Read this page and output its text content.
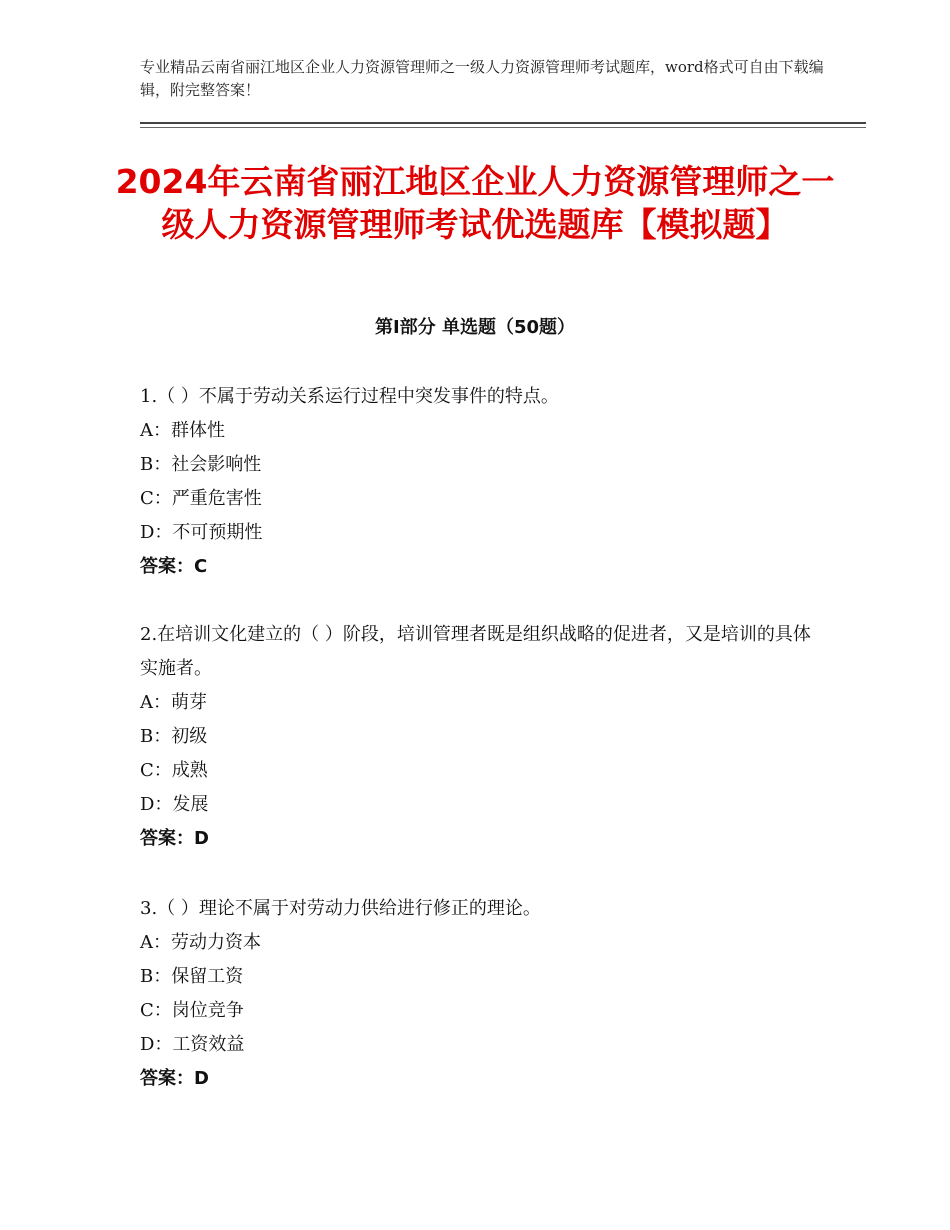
专业精品云南省丽江地区企业人力资源管理师之一级人力资源管理师考试题库，word格式可自由下载编辑，附完整答案！
2024年云南省丽江地区企业人力资源管理师之一级人力资源管理师考试优选题库【模拟题】
第Ⅰ部分 单选题（50题）

1.（ ）不属于劳动关系运行过程中突发事件的特点。

A：群体性

B：社会影响性

C：严重危害性

D：不可预期性

答案：C

2.在培训文化建立的（ ）阶段，培训管理者既是组织战略的促进者，又是培训的具体实施者。

A：萌芽

B：初级

C：成熟

D：发展

答案：D

3.（ ）理论不属于对劳动力供给进行修正的理论。

A：劳动力资本

B：保留工资

C：岗位竞争

D：工资效益

答案：D
